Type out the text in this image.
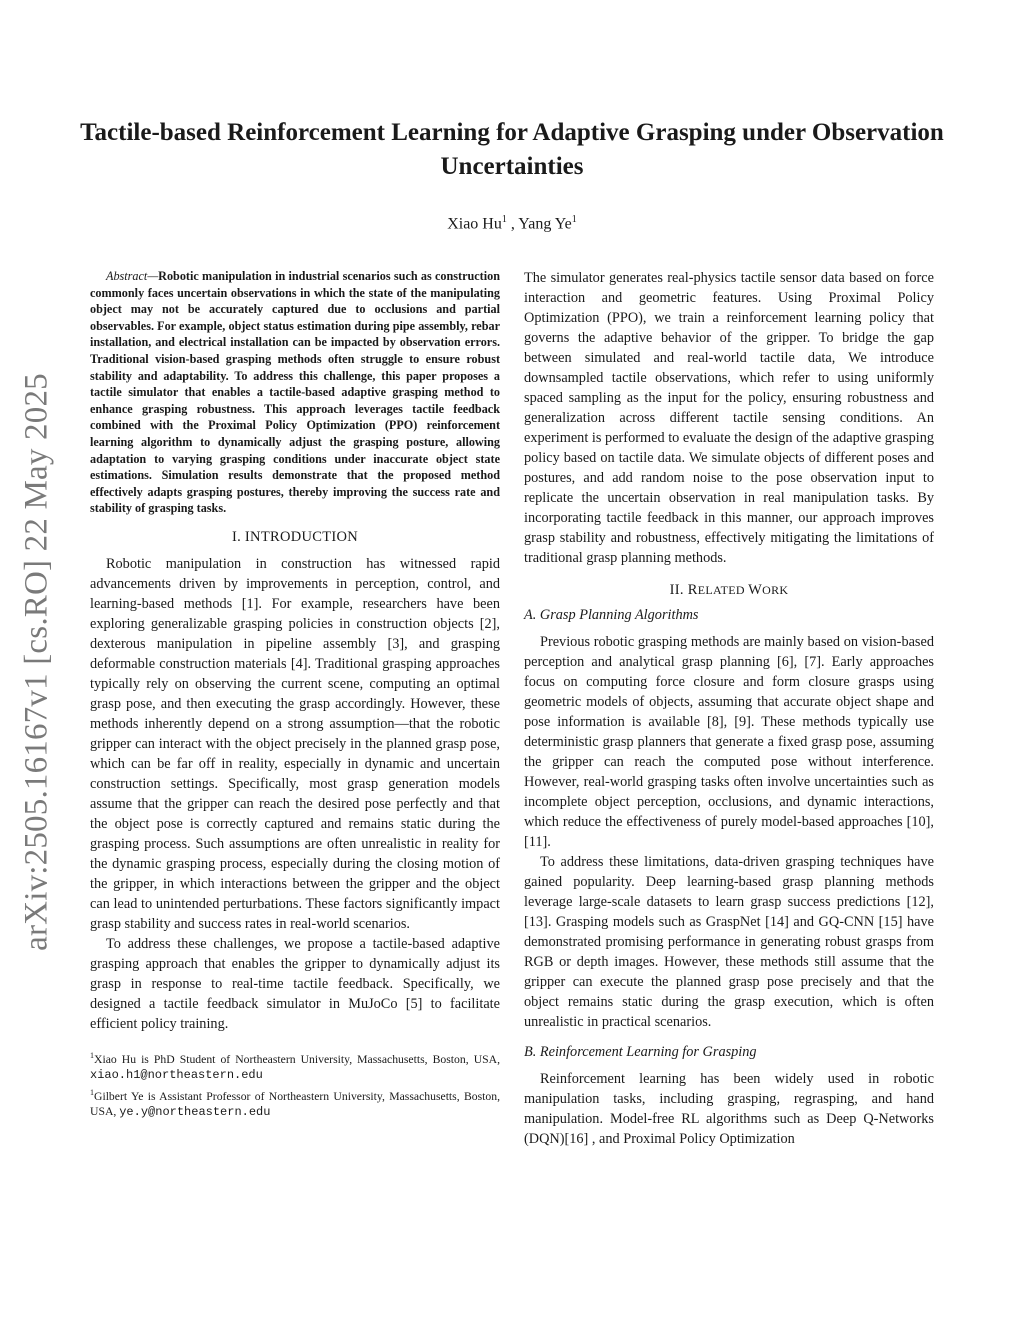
arXiv:2505.16167v1 [cs.RO] 22 May 2025
Tactile-based Reinforcement Learning for Adaptive Grasping under Observation Uncertainties

Xiao Hu$^1$ , Yang Ye$^1$

Abstract—Robotic manipulation in industrial scenarios such as construction commonly faces uncertain observations in which the state of the manipulating object may not be accurately captured due to occlusions and partial observables. For example, object status estimation during pipe assembly, rebar installation, and electrical installation can be impacted by observation errors. Traditional vision-based grasping methods often struggle to ensure robust stability and adaptability. To address this challenge, this paper proposes a tactile simulator that enables a tactile-based adaptive grasping method to enhance grasping robustness. This approach leverages tactile feedback combined with the Proximal Policy Optimization (PPO) reinforcement learning algorithm to dynamically adjust the grasping posture, allowing adaptation to varying grasping conditions under inaccurate object state estimations. Simulation results demonstrate that the proposed method effectively adapts grasping postures, thereby improving the success rate and stability of grasping tasks.

I. INTRODUCTION

Robotic manipulation in construction has witnessed rapid advancements driven by improvements in perception, control, and learning-based methods [1]. For example, researchers have been exploring generalizable grasping policies in construction objects [2], dexterous manipulation in pipeline assembly [3], and grasping deformable construction materials [4]. Traditional grasping approaches typically rely on observing the current scene, computing an optimal grasp pose, and then executing the grasp accordingly. However, these methods inherently depend on a strong assumption—that the robotic gripper can interact with the object precisely in the planned grasp pose, which can be far off in reality, especially in dynamic and uncertain construction settings. Specifically, most grasp generation models assume that the gripper can reach the desired pose perfectly and that the object pose is correctly captured and remains static during the grasping process. Such assumptions are often unrealistic in reality for the dynamic grasping process, especially during the closing motion of the gripper, in which interactions between the gripper and the object can lead to unintended perturbations. These factors significantly impact grasp stability and success rates in real-world scenarios.

To address these challenges, we propose a tactile-based adaptive grasping approach that enables the gripper to dynamically adjust its grasp in response to real-time tactile feedback. Specifically, we designed a tactile feedback simulator in MuJoCo [5] to facilitate efficient policy training.

$^1$Xiao Hu is PhD Student of Northeastern University, Massachusetts, Boston, USA, xiao.h1@northeastern.edu
$^1$Gilbert Ye is Assistant Professor of Northeastern University, Massachusetts, Boston, USA, ye.y@northeastern.edu

The simulator generates real-physics tactile sensor data based on force interaction and geometric features. Using Proximal Policy Optimization (PPO), we train a reinforcement learning policy that governs the adaptive behavior of the gripper. To bridge the gap between simulated and real-world tactile data, We introduce downsampled tactile observations, which refer to using uniformly spaced sampling as the input for the policy, ensuring robustness and generalization across different tactile sensing conditions. An experiment is performed to evaluate the design of the adaptive grasping policy based on tactile data. We simulate objects of different poses and postures, and add random noise to the pose observation input to replicate the uncertain observation in real manipulation tasks. By incorporating tactile feedback in this manner, our approach improves grasp stability and robustness, effectively mitigating the limitations of traditional grasp planning methods.

II. RELATED WORK
A. Grasp Planning Algorithms

Previous robotic grasping methods are mainly based on vision-based perception and analytical grasp planning [6], [7]. Early approaches focus on computing force closure and form closure grasps using geometric models of objects, assuming that accurate object shape and pose information is available [8], [9]. These methods typically use deterministic grasp planners that generate a fixed grasp pose, assuming the gripper can reach the computed pose without interference. However, real-world grasping tasks often involve uncertainties such as incomplete object perception, occlusions, and dynamic interactions, which reduce the effectiveness of purely model-based approaches [10], [11].

To address these limitations, data-driven grasping techniques have gained popularity. Deep learning-based grasp planning methods leverage large-scale datasets to learn grasp success predictions [12], [13]. Grasping models such as GraspNet [14] and GQ-CNN [15] have demonstrated promising performance in generating robust grasps from RGB or depth images. However, these methods still assume that the gripper can execute the planned grasp pose precisely and that the object remains static during the grasp execution, which is often unrealistic in practical scenarios.

B. Reinforcement Learning for Grasping

Reinforcement learning has been widely used in robotic manipulation tasks, including grasping, regrasping, and hand manipulation. Model-free RL algorithms such as Deep Q-Networks (DQN)[16] , and Proximal Policy Optimization
